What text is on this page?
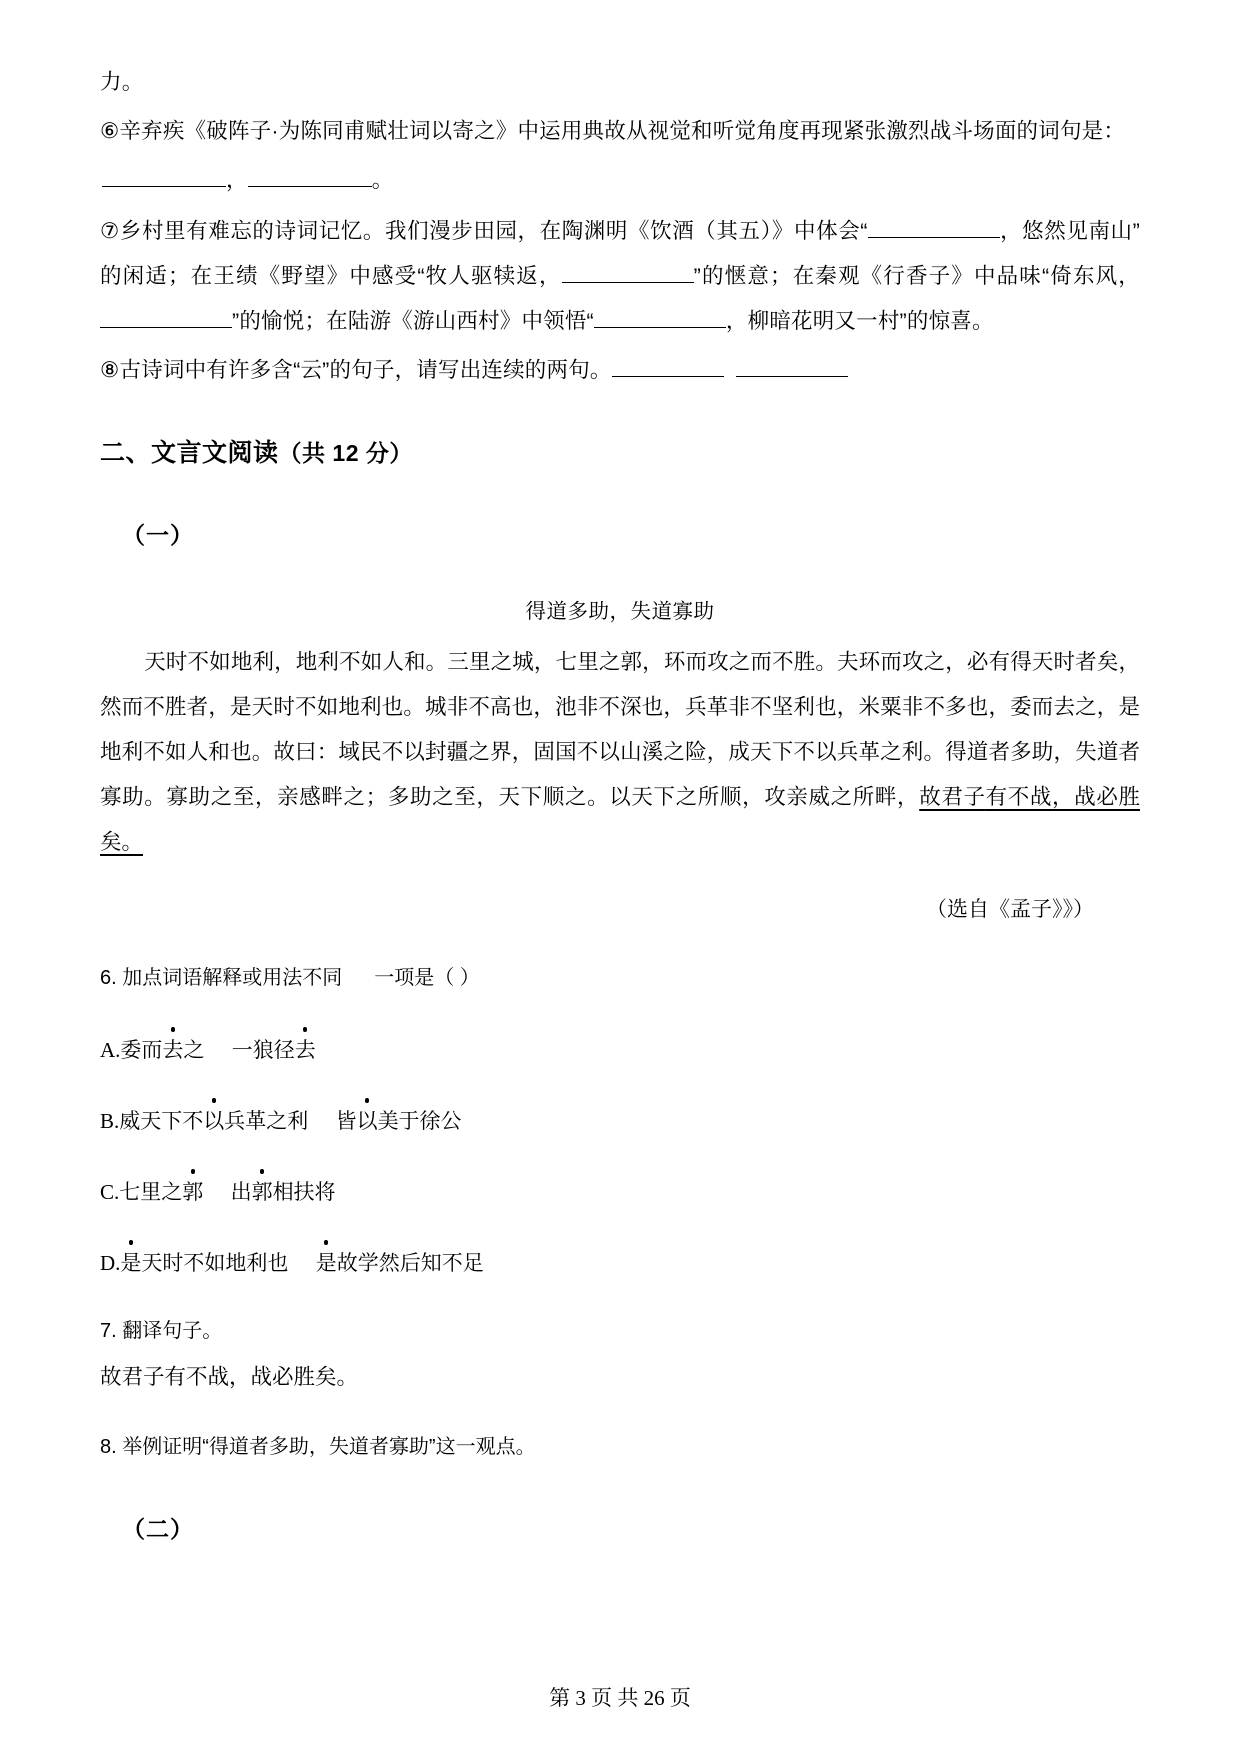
力。

⑥辛弃疾《破阵子·为陈同甫赋壮词以寄之》中运用典故从视觉和听觉角度再现紧张激烈战斗场面的词句是：

，	。

⑦乡村里有难忘的诗词记忆。我们漫步田园，在陶渊明《饮酒（其五）》中体会“	，悠然见南山”的闲适；在王绩《野望》中感受“牧人驱犊返，	”的惬意；在秦观《行香子》中品味“倚东风，”的愉悦；在陆游《游山西村》中领悟“	，柳暗花明又一村”的惊喜。

⑧古诗词中有许多含“云”的句子，请写出连续的两句。

二、文言文阅读（共 12 分）
（一）
得道多助，失道寡助
天时不如地利，地利不如人和。三里之城，七里之郭，环而攻之而不胜。夫环而攻之，必有得天时者矣，然而不胜者，是天时不如地利也。城非不高也，池非不深也，兵革非不坚利也，米粟非不多也，委而去之，是地利不如人和也。故曰：域民不以封疆之界，固国不以山溪之险，成天下不以兵革之利。得道者多助，失道者寡助。寡助之至，亲感畔之；多助之至，天下顺之。以天下之所顺，攻亲威之所畔，故君子有不战，战必胜矣。
（选自《孟子》》）
6. 加点词语解释或用法不同 一项是（ ）
A.委而去之 一狼径去
B.威天下不以兵革之利 皆以美于徐公
C.七里之郭 出郭相扶将
D.是天时不如地利也 是故学然后知不足
7. 翻译句子。
故君子有不战，战必胜矣。
8. 举例证明“得道者多助，失道者寡助”这一观点。
（二）
第 3 页 共 26 页
